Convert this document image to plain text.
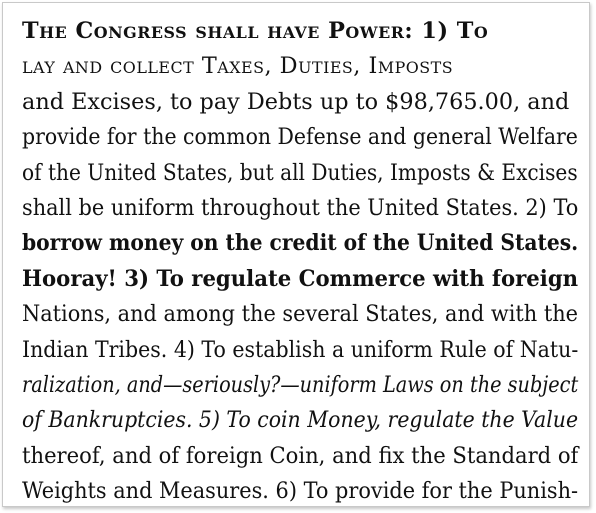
The Congress shall have Power: 1) To
lay and collect Taxes, Duties, Imposts
and Excises, to pay Debts up to $98,765.00, and
provide for the common Defense and general Welfare
of the United States, but all Duties, Imposts & Excises
shall be uniform throughout the United States. 2) To
borrow money on the credit of the United States.
Hooray! 3) To regulate Commerce with foreign
Nations, and among the several States, and with the
Indian Tribes. 4) To establish a uniform Rule of Natu-
ralization, and—seriously?—uniform Laws on the subject
of Bankruptcies. 5) To coin Money, regulate the Value
thereof, and of foreign Coin, and fix the Standard of
Weights and Measures. 6) To provide for the Punish-
